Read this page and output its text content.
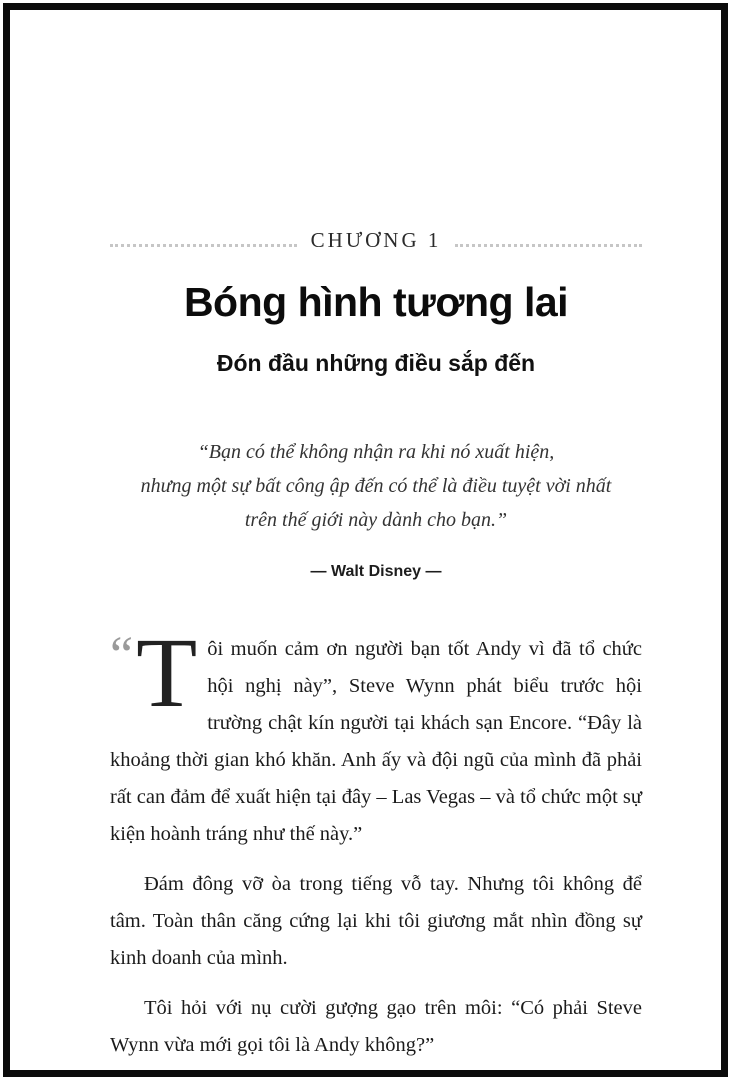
CHƯƠNG 1
Bóng hình tương lai
Đón đầu những điều sắp đến
“Bạn có thể không nhận ra khi nó xuất hiện,
nhưng một sự bất công ập đến có thể là điều tuyệt vời nhất
trên thế giới này dành cho bạn.”
— Walt Disney —

“ T ôi muốn cảm ơn người bạn tốt Andy vì đã tổ chức hội nghị này”, Steve Wynn phát biểu trước hội trường chật kín người tại khách sạn Encore. “Đây là khoảng thời gian khó khăn. Anh ấy và đội ngũ của mình đã phải rất can đảm để xuất hiện tại đây – Las Vegas – và tổ chức một sự kiện hoành tráng như thế này.”

Đám đông vỡ òa trong tiếng vỗ tay. Nhưng tôi không để tâm. Toàn thân căng cứng lại khi tôi giương mắt nhìn đồng sự kinh doanh của mình.

Tôi hỏi với nụ cười gượng gạo trên môi: “Có phải Steve Wynn vừa mới gọi tôi là Andy không?”
